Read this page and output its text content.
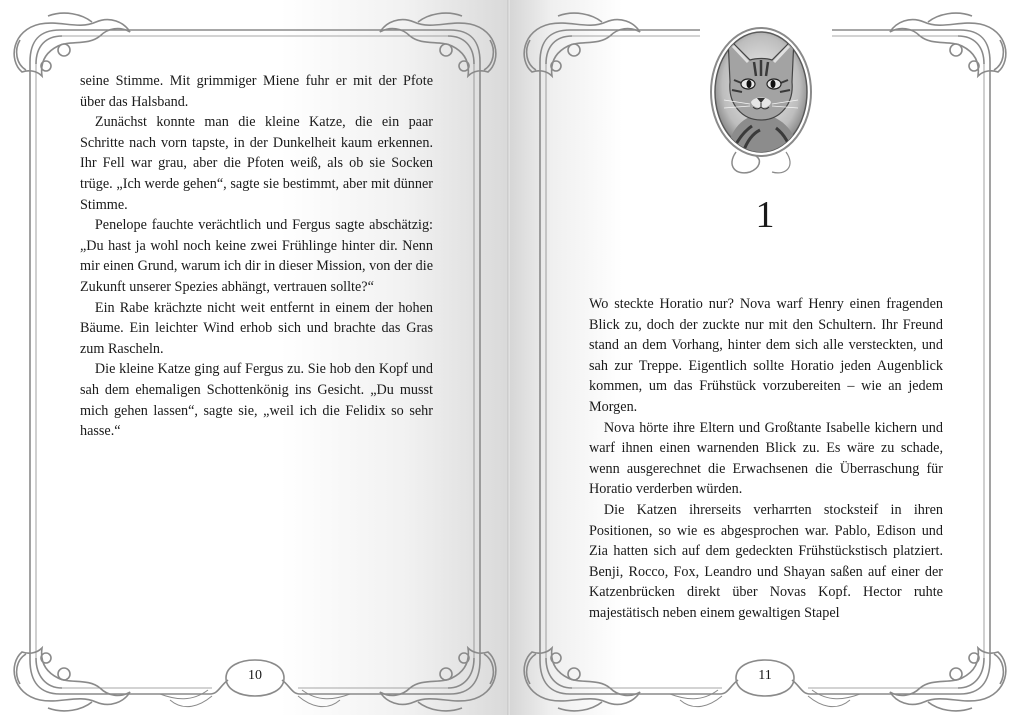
seine Stimme. Mit grimmiger Miene fuhr er mit der Pfote über das Halsband.

Zunächst konnte man die kleine Katze, die ein paar Schritte nach vorn tapste, in der Dunkelheit kaum erkennen. Ihr Fell war grau, aber die Pfoten weiß, als ob sie Socken trüge. „Ich werde gehen“, sagte sie bestimmt, aber mit dünner Stimme.

Penelope fauchte verächtlich und Fergus sagte abschätzig: „Du hast ja wohl noch keine zwei Frühlinge hinter dir. Nenn mir einen Grund, warum ich dir in dieser Mission, von der die Zukunft unserer Spezies abhängt, vertrauen sollte?“

Ein Rabe krächzte nicht weit entfernt in einem der hohen Bäume. Ein leichter Wind erhob sich und brachte das Gras zum Rascheln.

Die kleine Katze ging auf Fergus zu. Sie hob den Kopf und sah dem ehemaligen Schottenkönig ins Gesicht. „Du musst mich gehen lassen“, sagte sie, „weil ich die Felidix so sehr hasse.“

10	11
1

Wo steckte Horatio nur? Nova warf Henry einen fragenden Blick zu, doch der zuckte nur mit den Schultern. Ihr Freund stand an dem Vorhang, hinter dem sich alle versteckten, und sah zur Treppe. Eigentlich sollte Horatio jeden Augenblick kommen, um das Frühstück vorzubereiten – wie an jedem Morgen.

Nova hörte ihre Eltern und Großtante Isabelle kichern und warf ihnen einen warnenden Blick zu. Es wäre zu schade, wenn ausgerechnet die Erwachsenen die Überraschung für Horatio verderben würden.

Die Katzen ihrerseits verharrten stocksteif in ihren Positionen, so wie es abgesprochen war. Pablo, Edison und Zia hatten sich auf dem gedeckten Frühstückstisch platziert. Benji, Rocco, Fox, Leandro und Shayan saßen auf einer der Katzenbrücken direkt über Novas Kopf. Hector ruhte majestätisch neben einem gewaltigen Stapel
